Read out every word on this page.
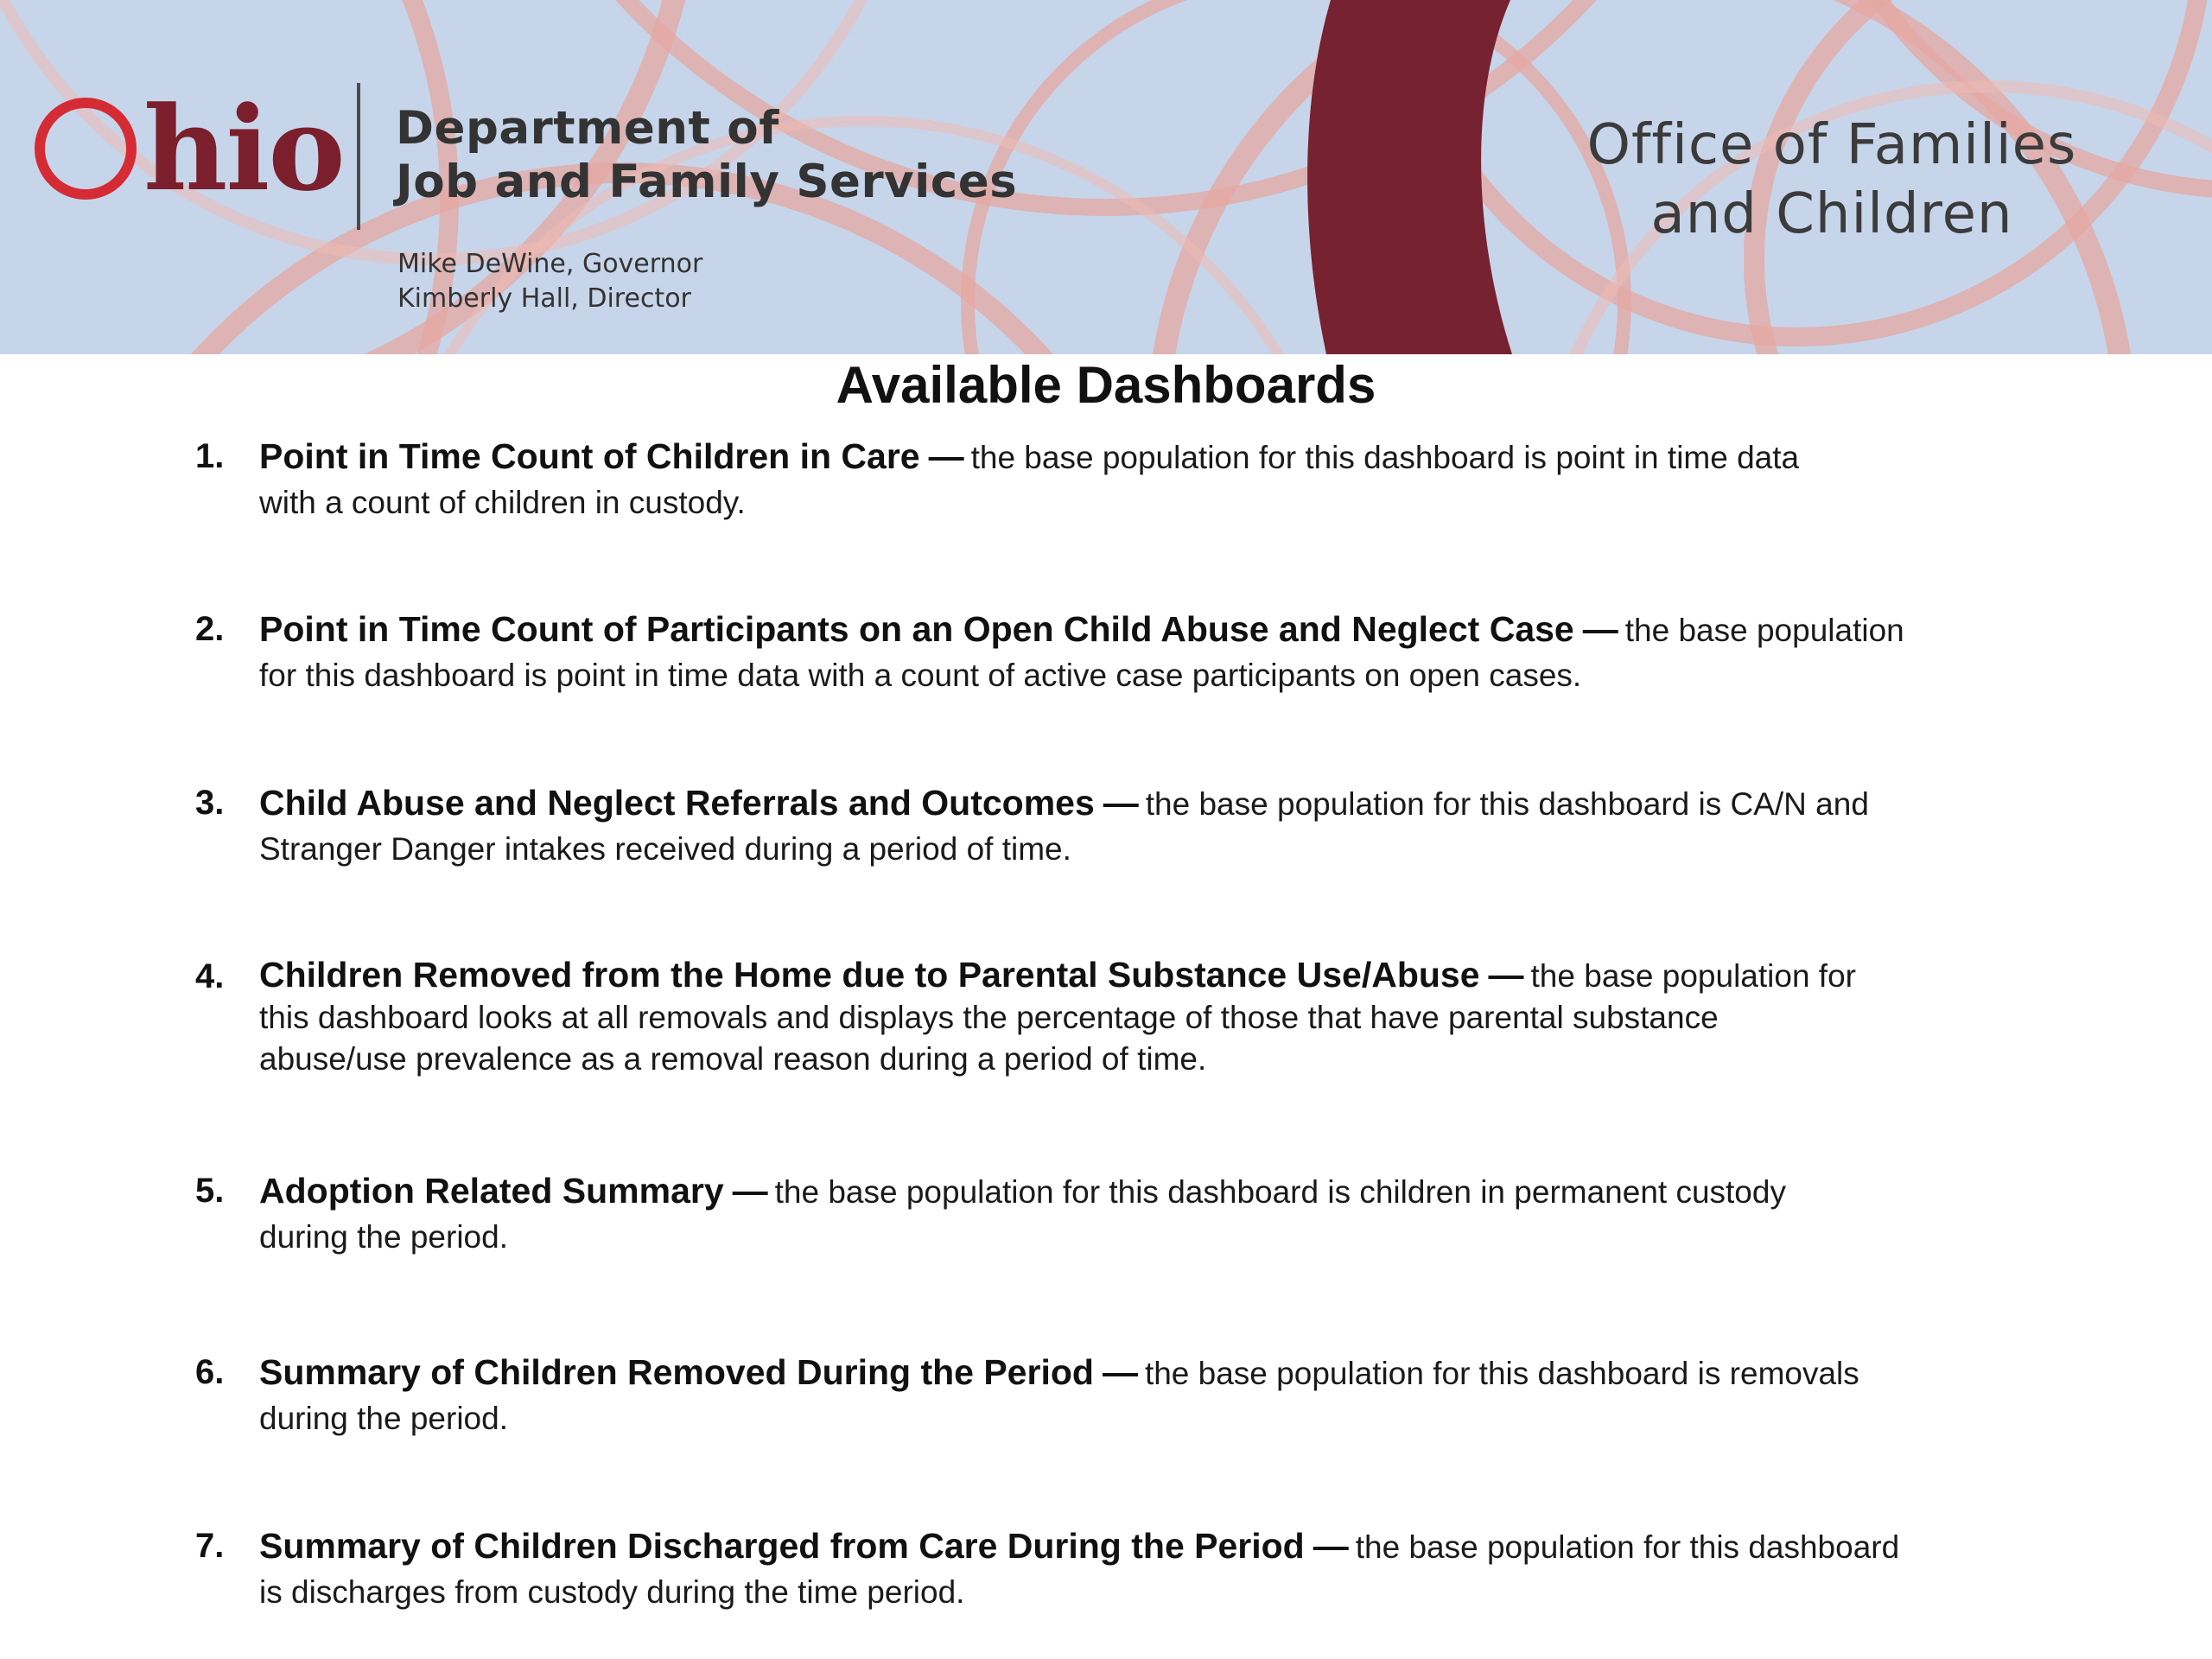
hio Department of
Job and Family Services
Mike DeWine, Governor
Kimberly Hall, Director
Office of Families
and Children
Available Dashboards
1. Point in Time Count of Children in Care — the base population for this dashboard is point in time data
with a count of children in custody.
2. Point in Time Count of Participants on an Open Child Abuse and Neglect Case — the base population
for this dashboard is point in time data with a count of active case participants on open cases.
3. Child Abuse and Neglect Referrals and Outcomes — the base population for this dashboard is CA/N and
Stranger Danger intakes received during a period of time.
4. Children Removed from the Home due to Parental Substance Use/Abuse — the base population for
this dashboard looks at all removals and displays the percentage of those that have parental substance
abuse/use prevalence as a removal reason during a period of time.
5. Adoption Related Summary — the base population for this dashboard is children in permanent custody
during the period.
6. Summary of Children Removed During the Period — the base population for this dashboard is removals
during the period.
7. Summary of Children Discharged from Care During the Period — the base population for this dashboard
is discharges from custody during the time period.
